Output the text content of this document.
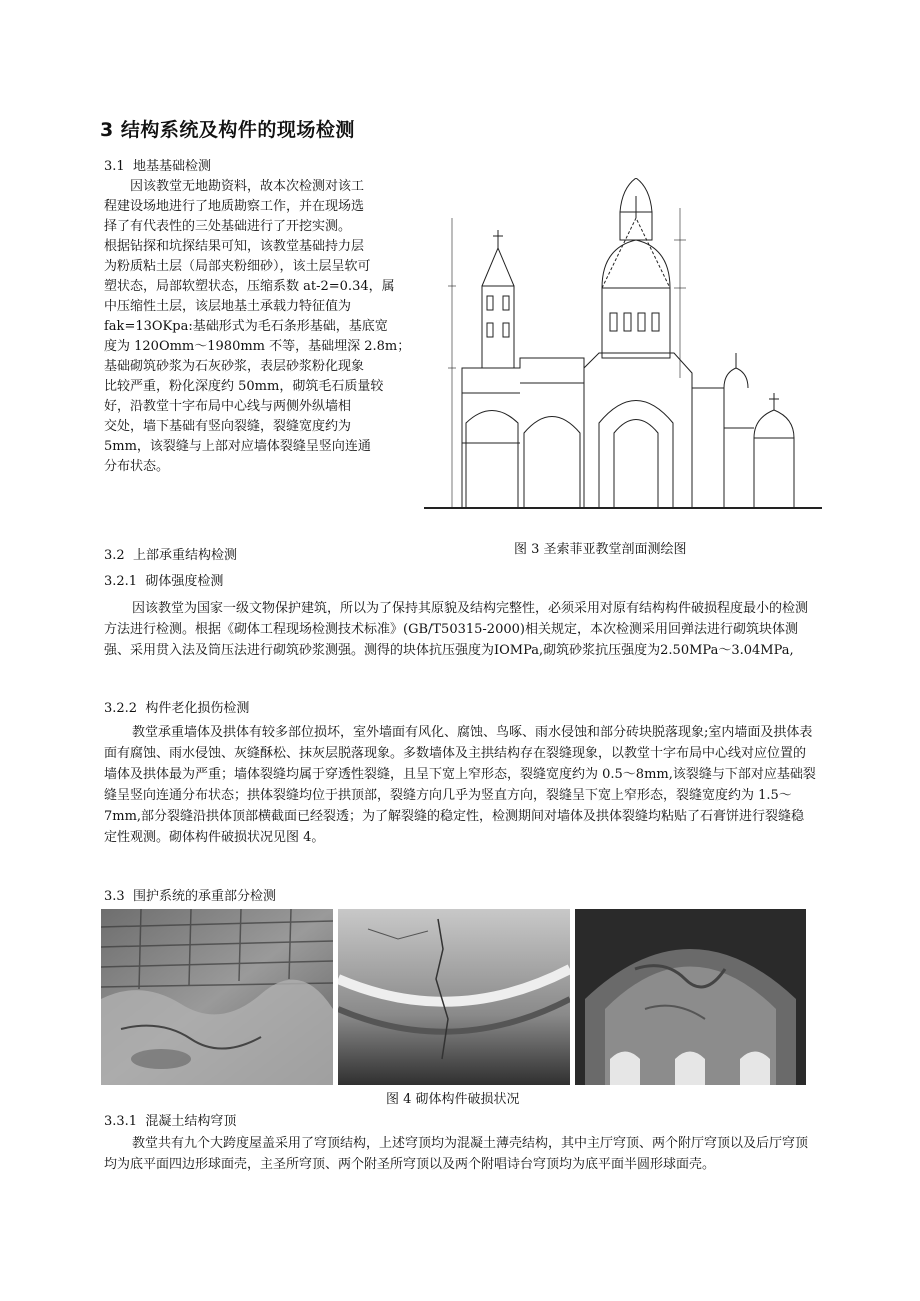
3 结构系统及构件的现场检测
3.1 地基基础检测
因该教堂无地勘资料，故本次检测对该工
程建设场地进行了地质勘察工作，并在现场选
择了有代表性的三处基础进行了开挖实测。
根据钻探和坑探结果可知，该教堂基础持力层
为粉质粘土层（局部夹粉细砂），该土层呈软可
塑状态，局部软塑状态，压缩系数 at-2=0.34，属
中压缩性土层，该层地基土承载力特征值为
fak=13OKpa:基础形式为毛石条形基础，基底宽
度为 120Omm～1980mm 不等，基础埋深 2.8m；
基础砌筑砂浆为石灰砂浆，表层砂浆粉化现象
比较严重，粉化深度约 50mm，砌筑毛石质量较
好，沿教堂十字布局中心线与两侧外纵墙相
交处，墙下基础有竖向裂缝，裂缝宽度约为
5mm，该裂缝与上部对应墙体裂缝呈竖向连通
分布状态。
图 3 圣索菲亚教堂剖面测绘图
3.2 上部承重结构检测
3.2.1 砌体强度检测
因该教堂为国家一级文物保护建筑，所以为了保持其原貌及结构完整性，必须采用对原有结构构件破损程度最小的检测方法进行检测。根据《砌体工程现场检测技术标准》(GB/T50315-2000)相关规定，本次检测采用回弹法进行砌筑块体测强、采用贯入法及筒压法进行砌筑砂浆测强。测得的块体抗压强度为IOMPa,砌筑砂浆抗压强度为2.50MPa～3.04MPa,
3.2.2 构件老化损伤检测
教堂承重墙体及拱体有较多部位损坏，室外墙面有风化、腐蚀、鸟啄、雨水侵蚀和部分砖块脱落现象;室内墙面及拱体表面有腐蚀、雨水侵蚀、灰缝酥松、抹灰层脱落现象。多数墙体及主拱结构存在裂缝现象，以教堂十字布局中心线对应位置的墙体及拱体最为严重；墙体裂缝均属于穿透性裂缝，且呈下宽上窄形态，裂缝宽度约为 0.5～8mm,该裂缝与下部对应基础裂缝呈竖向连通分布状态；拱体裂缝均位于拱顶部，裂缝方向几乎为竖直方向，裂缝呈下宽上窄形态，裂缝宽度约为 1.5～7mm,部分裂缝沿拱体顶部横截面已经裂透；为了解裂缝的稳定性，检测期间对墙体及拱体裂缝均粘贴了石膏饼进行裂缝稳定性观测。砌体构件破损状况见图 4。
3.3 围护系统的承重部分检测
图 4 砌体构件破损状况
3.3.1 混凝土结构穹顶
教堂共有九个大跨度屋盖采用了穹顶结构，上述穹顶均为混凝土薄壳结构，其中主厅穹顶、两个附厅穹顶以及后厅穹顶均为底平面四边形球面壳，主圣所穹顶、两个附圣所穹顶以及两个附唱诗台穹顶均为底平面半圆形球面壳。
